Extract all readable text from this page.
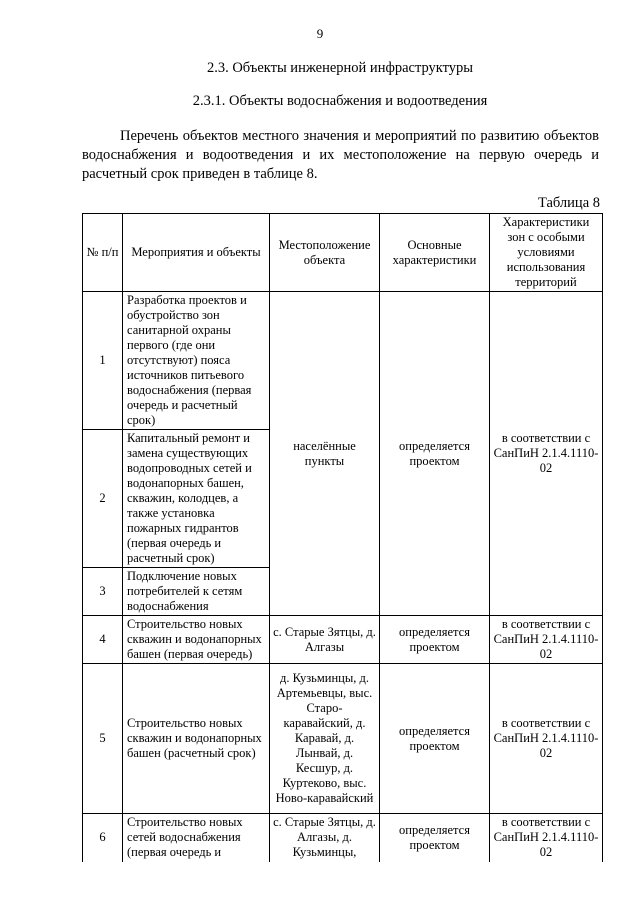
9
2.3. Объекты инженерной инфраструктуры
2.3.1. Объекты водоснабжения и водоотведения
Перечень объектов местного значения и мероприятий по развитию объектов водоснабжения и водоотведения и их местоположение на первую очередь и расчетный срок приведен в таблице 8.
Таблица 8
№ п/п	Мероприятия и объекты	Местоположение объекта	Основные характеристики	Характеристики зон с особыми условиями использования территорий
1	Разработка проектов и обустройство зон санитарной охраны первого (где они отсутствуют) пояса источников питьевого водоснабжения (первая очередь и расчетный срок)	населённые пункты	определяется проектом	в соответствии с СанПиН 2.1.4.1110-02
2	Капитальный ремонт и замена существующих водопроводных сетей и водонапорных башен, скважин, колодцев, а также установка пожарных гидрантов (первая очередь и расчетный срок)			
3	Подключение новых потребителей к сетям водоснабжения			
4	Строительство новых скважин и водонапорных башен (первая очередь)	с. Старые Зятцы, д. Алгазы	определяется проектом	в соответствии с СанПиН 2.1.4.1110-02
5	Строительство новых скважин и водонапорных башен (расчетный срок)	д. Кузьминцы, д. Артемьевцы, выс. Старо-каравайский, д. Каравай, д. Лынвай, д. Кесшур, д. Куртеково, выс. Ново-каравайский	определяется проектом	в соответствии с СанПиН 2.1.4.1110-02
6	Строительство новых сетей водоснабжения (первая очередь и	с. Старые Зятцы, д. Алгазы, д. Кузьминцы,	определяется проектом	в соответствии с СанПиН 2.1.4.1110-02
